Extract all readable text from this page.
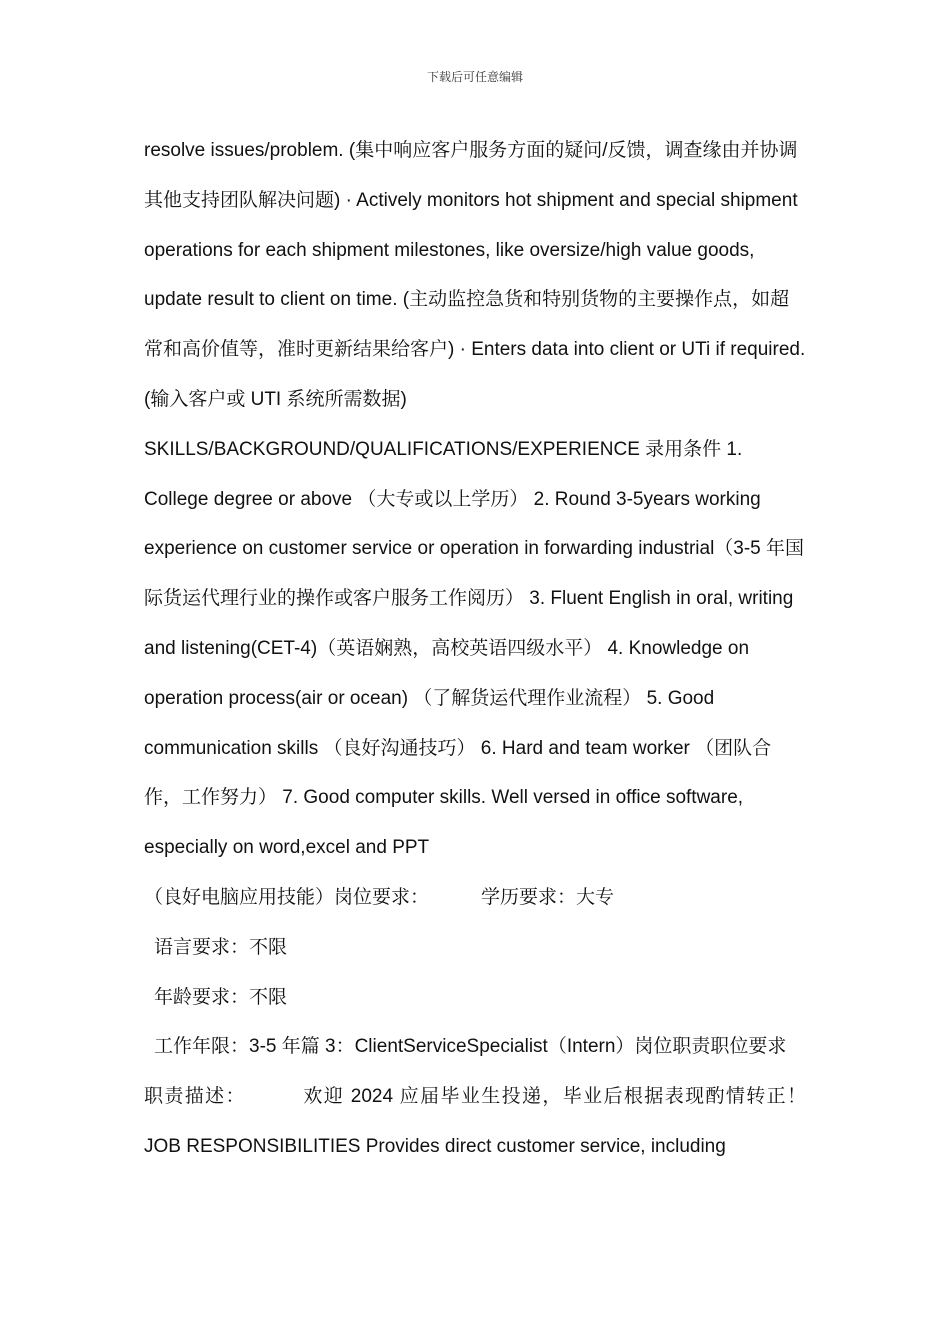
下载后可任意编辑

resolve issues/problem. (集中响应客户服务方面的疑问/反馈，调查缘由并协调其他支持团队解决问题) · Actively monitors hot shipment and special shipment operations for each shipment milestones, like oversize/high value goods, update result to client on time. (主动监控急货和特别货物的主要操作点，如超常和高价值等，准时更新结果给客户) · Enters data into client or UTi if required.(输入客户或 UTI 系统所需数据) SKILLS/BACKGROUND/QUALIFICATIONS/EXPERIENCE 录用条件 1. College degree or above （大专或以上学历） 2. Round 3-5years working experience on customer service or operation in forwarding industrial（3-5 年国际货运代理行业的操作或客户服务工作阅历） 3. Fluent English in oral, writing and listening(CET-4)（英语娴熟，高校英语四级水平） 4. Knowledge on operation process(air or ocean) （了解货运代理作业流程） 5. Good communication skills （良好沟通技巧） 6. Hard and team worker （团队合作，工作努力） 7. Good computer skills. Well versed in office software, especially on word,excel and PPT
（良好电脑应用技能）岗位要求：	学历要求：大专

语言要求：不限

年龄要求：不限

工作年限：3-5 年篇 3：ClientServiceSpecialist（Intern）岗位职责职位要求

职责描述：	欢迎 2024 应届毕业生投递，毕业后根据表现酌情转正！ JOB RESPONSIBILITIES Provides direct customer service, including
